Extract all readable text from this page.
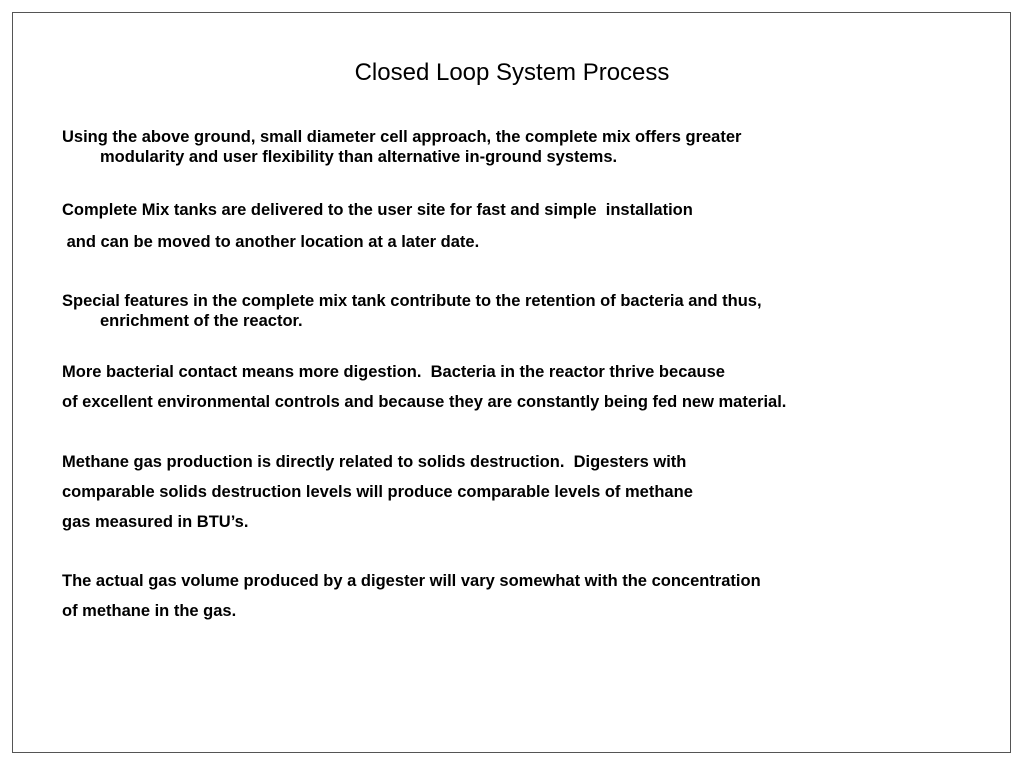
Closed Loop System Process
Using the above ground, small diameter cell approach, the complete mix offers greater
modularity and user flexibility than alternative in-ground systems.
Complete Mix tanks are delivered to the user site for fast and simple  installation
and can be moved to another location at a later date.
Special features in the complete mix tank contribute to the retention of bacteria and thus,
enrichment of the reactor.
More bacterial contact means more digestion.  Bacteria in the reactor thrive because
of excellent environmental controls and because they are constantly being fed new material.
Methane gas production is directly related to solids destruction.  Digesters with
comparable solids destruction levels will produce comparable levels of methane
gas measured in BTU’s.
The actual gas volume produced by a digester will vary somewhat with the concentration
of methane in the gas.
